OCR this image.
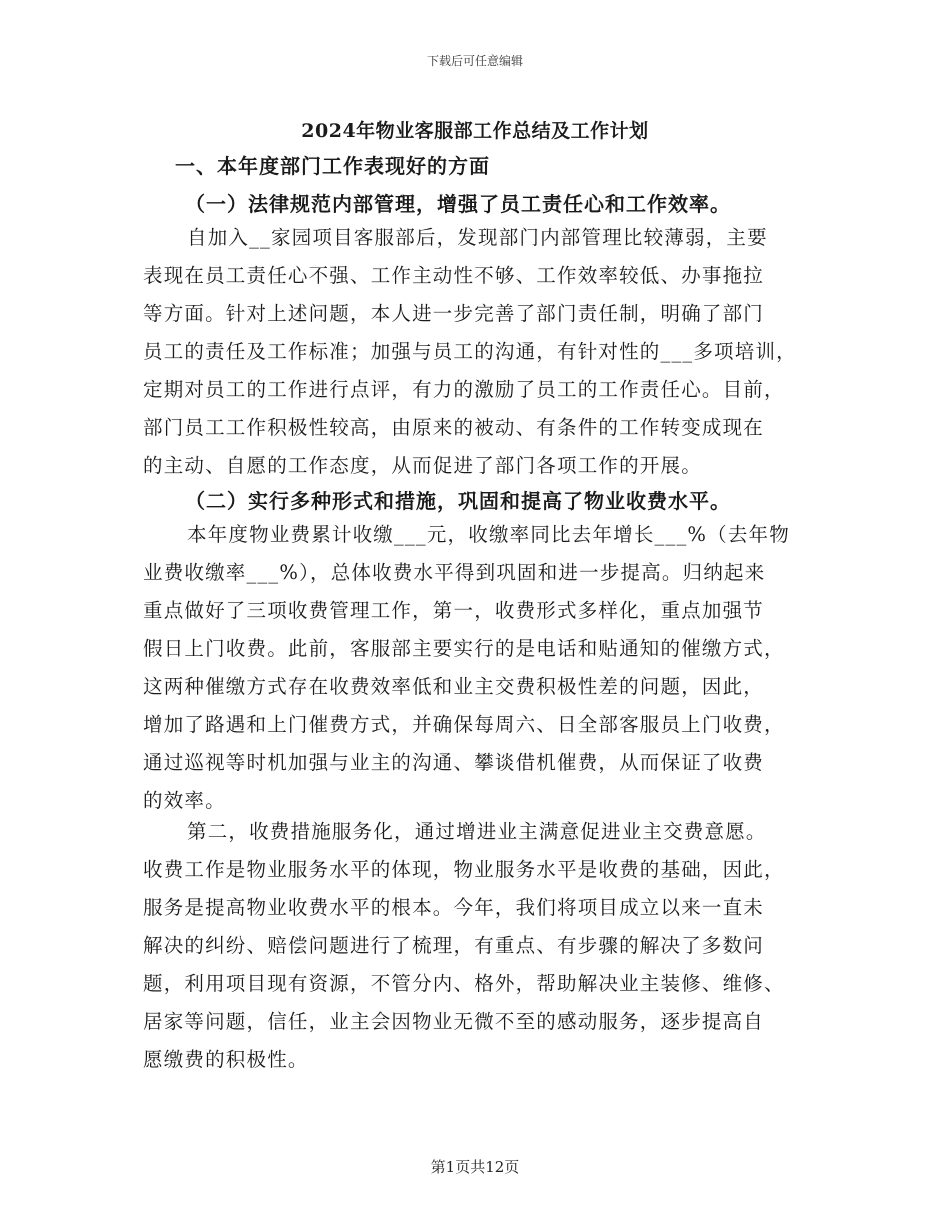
下载后可任意编辑
2024年物业客服部工作总结及工作计划
一、本年度部门工作表现好的方面
（一）法律规范内部管理，增强了员工责任心和工作效率。
自加入__家园项目客服部后，发现部门内部管理比较薄弱，主要
表现在员工责任心不强、工作主动性不够、工作效率较低、办事拖拉
等方面。针对上述问题，本人进一步完善了部门责任制，明确了部门
员工的责任及工作标准；加强与员工的沟通，有针对性的___多项培训，
定期对员工的工作进行点评，有力的激励了员工的工作责任心。目前，
部门员工工作积极性较高，由原来的被动、有条件的工作转变成现在
的主动、自愿的工作态度，从而促进了部门各项工作的开展。
（二）实行多种形式和措施，巩固和提高了物业收费水平。
本年度物业费累计收缴___元，收缴率同比去年增长___%（去年物
业费收缴率___%），总体收费水平得到巩固和进一步提高。归纳起来
重点做好了三项收费管理工作，第一，收费形式多样化，重点加强节
假日上门收费。此前，客服部主要实行的是电话和贴通知的催缴方式，
这两种催缴方式存在收费效率低和业主交费积极性差的问题，因此，
增加了路遇和上门催费方式，并确保每周六、日全部客服员上门收费，
通过巡视等时机加强与业主的沟通、攀谈借机催费，从而保证了收费
的效率。
第二，收费措施服务化，通过增进业主满意促进业主交费意愿。
收费工作是物业服务水平的体现，物业服务水平是收费的基础，因此，
服务是提高物业收费水平的根本。今年，我们将项目成立以来一直未
解决的纠纷、赔偿问题进行了梳理，有重点、有步骤的解决了多数问
题，利用项目现有资源，不管分内、格外，帮助解决业主装修、维修、
居家等问题，信任，业主会因物业无微不至的感动服务，逐步提高自
愿缴费的积极性。
第1页共12页
